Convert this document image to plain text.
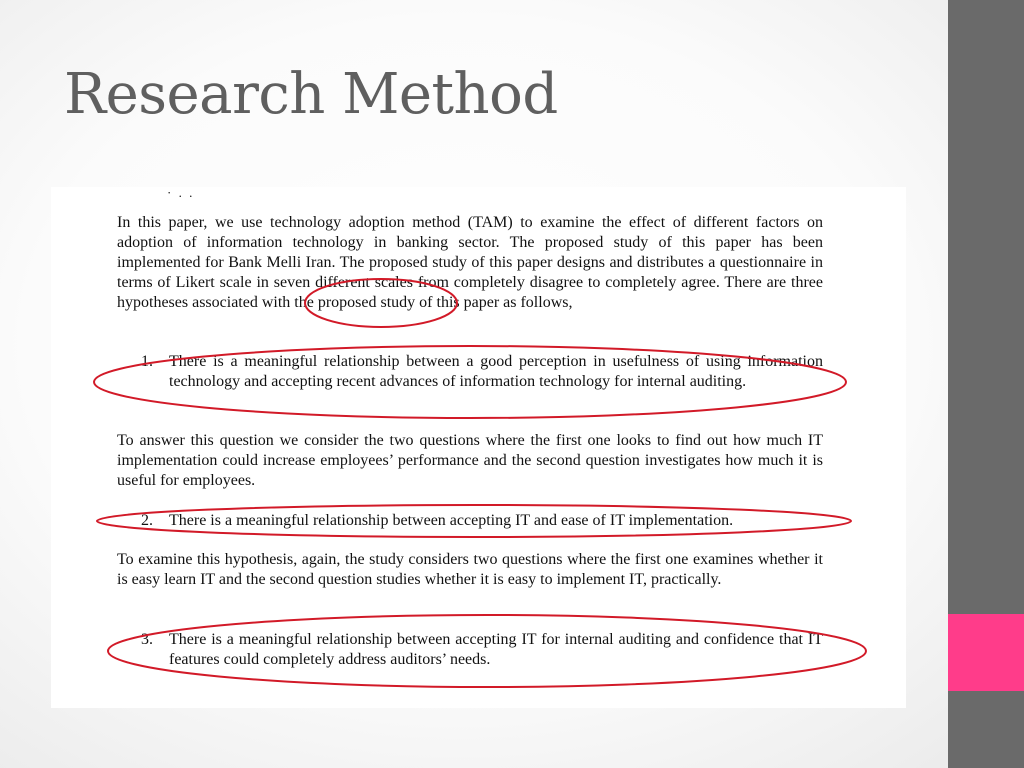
Research Method
· . .

In this paper, we use technology adoption method (TAM) to examine the effect of different factors on adoption of information technology in banking sector. The proposed study of this paper has been implemented for Bank Melli Iran. The proposed study of this paper designs and distributes a questionnaire in terms of Likert scale in seven different scales from completely disagree to completely agree. There are three hypotheses associated with the proposed study of this paper as follows,

1. There is a meaningful relationship between a good perception in usefulness of using information technology and accepting recent advances of information technology for internal auditing.

To answer this question we consider the two questions where the first one looks to find out how much IT implementation could increase employees’ performance and the second question investigates how much it is useful for employees.

2. There is a meaningful relationship between accepting IT and ease of IT implementation.

To examine this hypothesis, again, the study considers two questions where the first one examines whether it is easy learn IT and the second question studies whether it is easy to implement IT, practically.

3. There is a meaningful relationship between accepting IT for internal auditing and confidence that IT features could completely address auditors’ needs.
